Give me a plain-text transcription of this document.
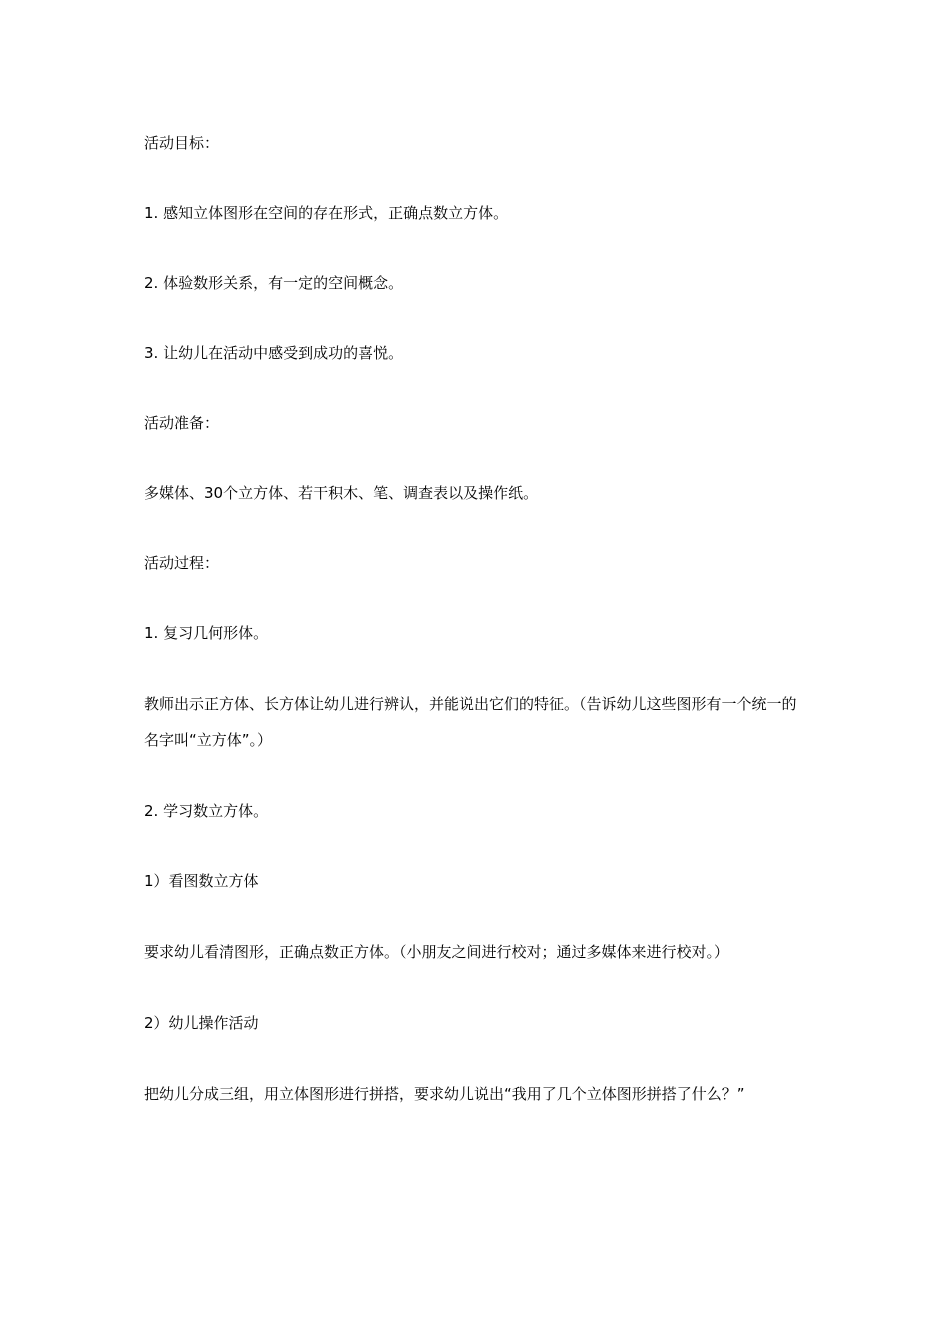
活动目标：

1. 感知立体图形在空间的存在形式，正确点数立方体。

2. 体验数形关系，有一定的空间概念。

3. 让幼儿在活动中感受到成功的喜悦。

活动准备：

多媒体、30个立方体、若干积木、笔、调查表以及操作纸。

活动过程：

1. 复习几何形体。

教师出示正方体、长方体让幼儿进行辨认，并能说出它们的特征。（告诉幼儿这些图形有一个统一的名字叫“立方体”。）

2. 学习数立方体。

1）看图数立方体

要求幼儿看清图形，正确点数正方体。（小朋友之间进行校对；通过多媒体来进行校对。）

2）幼儿操作活动

把幼儿分成三组，用立体图形进行拼搭，要求幼儿说出“我用了几个立体图形拼搭了什么？”
